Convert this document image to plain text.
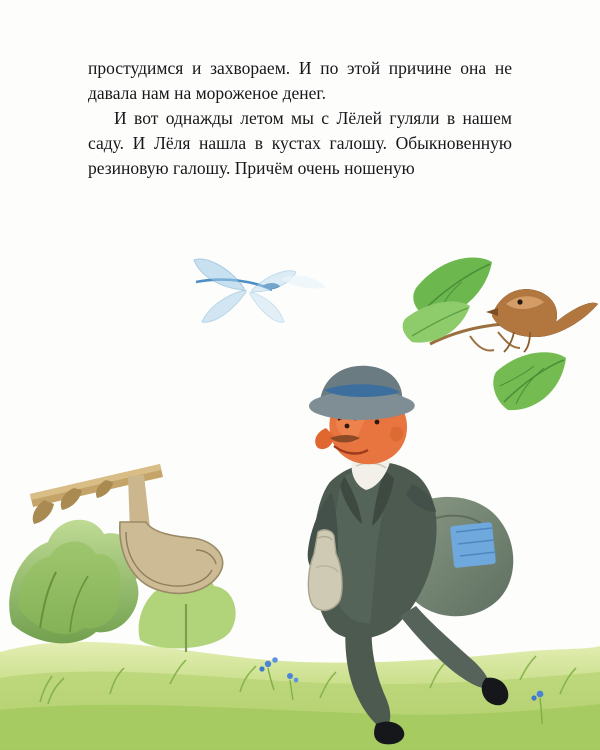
простудимся и захвораем. И по этой причине она не давала нам на мороженое денег.

И вот однажды летом мы с Лёлей гуляли в нашем саду. И Лёля нашла в кустах галошу. Обыкновенную резиновую галошу. Причём очень ношеную
